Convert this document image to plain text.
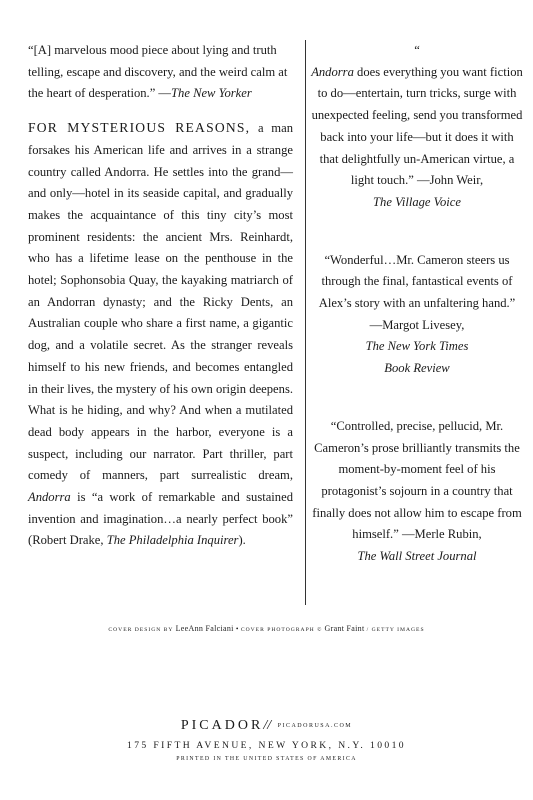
“[A] marvelous mood piece about lying and truth telling, escape and discovery, and the weird calm at the heart of desperation.” —The New Yorker

FOR MYSTERIOUS REASONS, a man forsakes his American life and arrives in a strange country called Andorra. He settles into the grand—and only—hotel in its seaside capital, and gradually makes the acquaintance of this tiny city’s most prominent residents: the ancient Mrs. Reinhardt, who has a lifetime lease on the penthouse in the hotel; Sophonsobia Quay, the kayaking matriarch of an Andorran dynasty; and the Ricky Dents, an Australian couple who share a first name, a gigantic dog, and a volatile secret. As the stranger reveals himself to his new friends, and becomes entangled in their lives, the mystery of his own origin deepens. What is he hiding, and why? And when a mutilated dead body appears in the harbor, everyone is a suspect, including our narrator. Part thriller, part comedy of manners, part surrealistic dream, Andorra is “a work of remarkable and sustained invention and imagination…a nearly perfect book” (Robert Drake, The Philadelphia Inquirer).

“
Andorra does everything you want fiction to do—entertain, turn tricks, surge with unexpected feeling, send you transformed back into your life—but it does it with that delightfully un-American virtue, a light touch.” —John Weir,
The Village Voice

“Wonderful…Mr. Cameron steers us through the final, fantastical events of Alex’s story with an unfaltering hand.”
—Margot Livesey,
The New York Times
Book Review

“Controlled, precise, pellucid, Mr. Cameron’s prose brilliantly transmits the moment-by-moment feel of his protagonist’s sojourn in a country that finally does not allow him to escape from himself.” —Merle Rubin,
The Wall Street Journal

COVER DESIGN BY LeeAnn Falciani • COVER PHOTOGRAPH © Grant Faint / GETTY IMAGES
PICADOR// PICADORUSA.COM
175 FIFTH AVENUE, NEW YORK, N.Y. 10010
PRINTED IN THE UNITED STATES OF AMERICA
